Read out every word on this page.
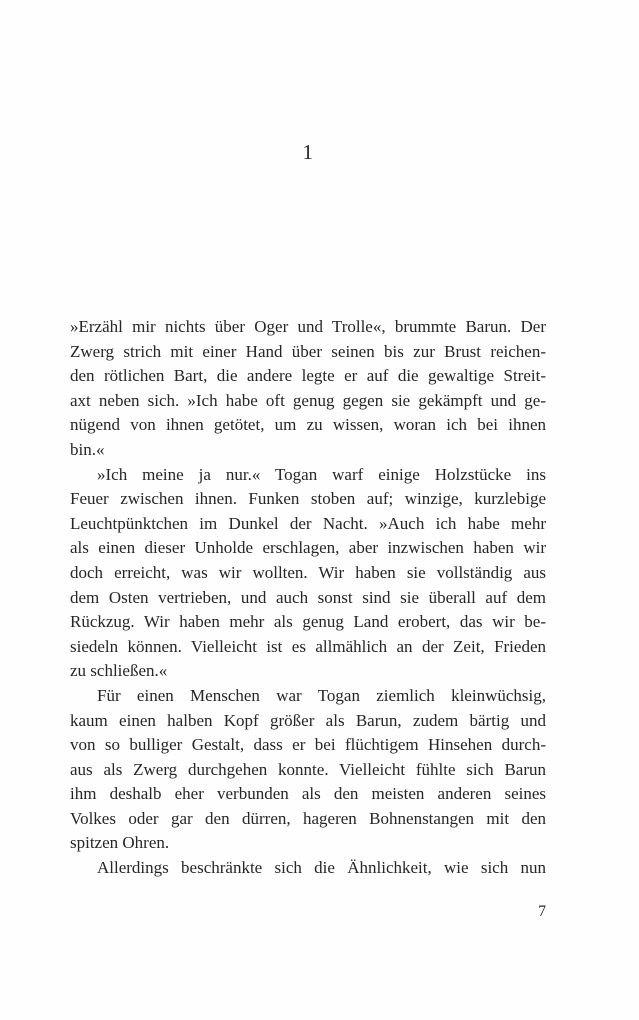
1
»Erzähl mir nichts über Oger und Trolle«, brummte Barun. Der
Zwerg strich mit einer Hand über seinen bis zur Brust reichen-
den rötlichen Bart, die andere legte er auf die gewaltige Streit-
axt neben sich. »Ich habe oft genug gegen sie gekämpft und ge-
nügend von ihnen getötet, um zu wissen, woran ich bei ihnen
bin.«
»Ich meine ja nur.« Togan warf einige Holzstücke ins
Feuer zwischen ihnen. Funken stoben auf; winzige, kurzlebige
Leuchtpünktchen im Dunkel der Nacht. »Auch ich habe mehr
als einen dieser Unholde erschlagen, aber inzwischen haben wir
doch erreicht, was wir wollten. Wir haben sie vollständig aus
dem Osten vertrieben, und auch sonst sind sie überall auf dem
Rückzug. Wir haben mehr als genug Land erobert, das wir be-
siedeln können. Vielleicht ist es allmählich an der Zeit, Frieden
zu schließen.«
Für einen Menschen war Togan ziemlich kleinwüchsig,
kaum einen halben Kopf größer als Barun, zudem bärtig und
von so bulliger Gestalt, dass er bei flüchtigem Hinsehen durch-
aus als Zwerg durchgehen konnte. Vielleicht fühlte sich Barun
ihm deshalb eher verbunden als den meisten anderen seines
Volkes oder gar den dürren, hageren Bohnenstangen mit den
spitzen Ohren.
Allerdings beschränkte sich die Ähnlichkeit, wie sich nun
7
